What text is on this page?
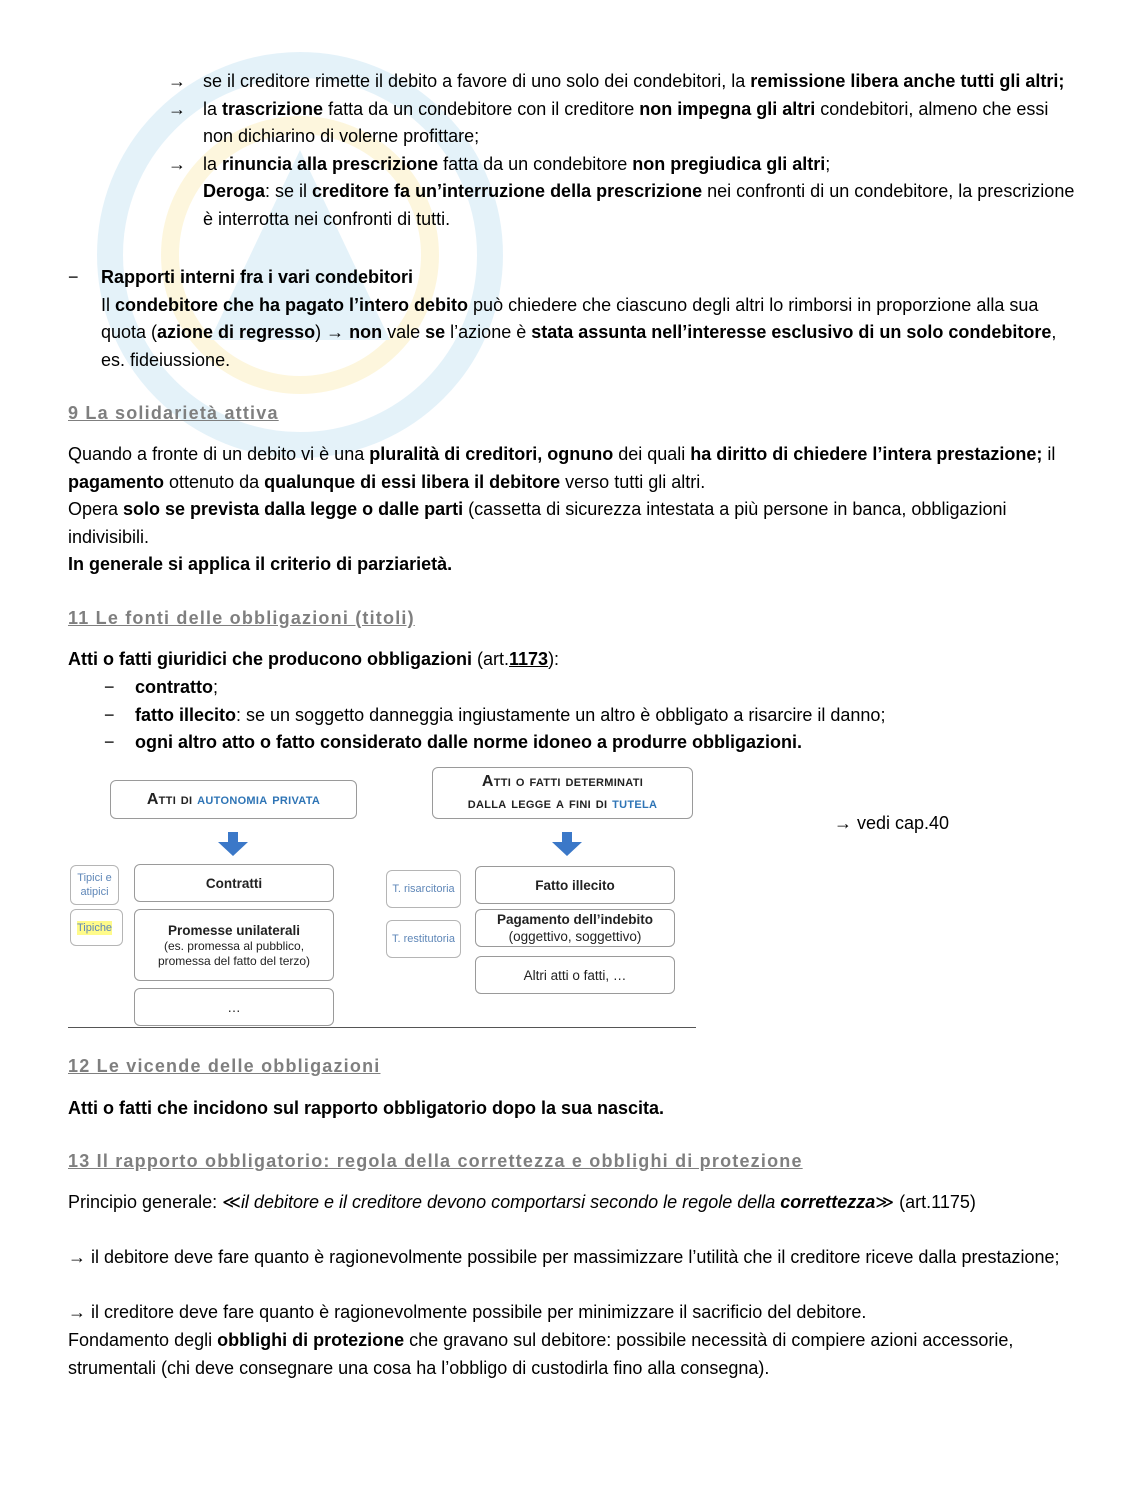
→ se il creditore rimette il debito a favore di uno solo dei condebitori, la remissione libera anche tutti gli altri;
→ la trascrizione fatta da un condebitore con il creditore non impegna gli altri condebitori, almeno che essi non dichiarino di volerne profittare;
→ la rinuncia alla prescrizione fatta da un condebitore non pregiudica gli altri;
Deroga: se il creditore fa un’interruzione della prescrizione nei confronti di un condebitore, la prescrizione è interrotta nei confronti di tutti.
− Rapporti interni fra i vari condebitori
Il condebitore che ha pagato l’intero debito può chiedere che ciascuno degli altri lo rimborsi in proporzione alla sua quota (azione di regresso) → non vale se l’azione è stata assunta nell’interesse esclusivo di un solo condebitore, es. fideiussione.
9 La solidarietà attiva
Quando a fronte di un debito vi è una pluralità di creditori, ognuno dei quali ha diritto di chiedere l’intera prestazione; il pagamento ottenuto da qualunque di essi libera il debitore verso tutti gli altri.
Opera solo se prevista dalla legge o dalle parti (cassetta di sicurezza intestata a più persone in banca, obbligazioni indivisibili.
In generale si applica il criterio di parziarietà.
11 Le fonti delle obbligazioni (titoli)
Atti o fatti giuridici che producono obbligazioni (art.1173):
− contratto;
− fatto illecito: se un soggetto danneggia ingiustamente un altro è obbligato a risarcire il danno;
− ogni altro atto o fatto considerato dalle norme idoneo a produrre obbligazioni.
Atti di autonomia privata
Atti o fatti determinati
dalla legge a fini di tutela
Tipici e atipici
Tipiche
Contratti
Promesse unilaterali
(es. promessa al pubblico, promessa del fatto del terzo)
…
T. risarcitoria
T. restitutoria
Fatto illecito
Pagamento dell’indebito
(oggettivo, soggettivo)
Altri atti o fatti, …
→ vedi cap.40
12 Le vicende delle obbligazioni
Atti o fatti che incidono sul rapporto obbligatorio dopo la sua nascita.
13 Il rapporto obbligatorio: regola della correttezza e obblighi di protezione
Principio generale: ≪il debitore e il creditore devono comportarsi secondo le regole della correttezza≫ (art.1175)
→ il debitore deve fare quanto è ragionevolmente possibile per massimizzare l’utilità che il creditore riceve dalla prestazione;
→ il creditore deve fare quanto è ragionevolmente possibile per minimizzare il sacrificio del debitore.
Fondamento degli obblighi di protezione che gravano sul debitore: possibile necessità di compiere azioni accessorie, strumentali (chi deve consegnare una cosa ha l’obbligo di custodirla fino alla consegna).
